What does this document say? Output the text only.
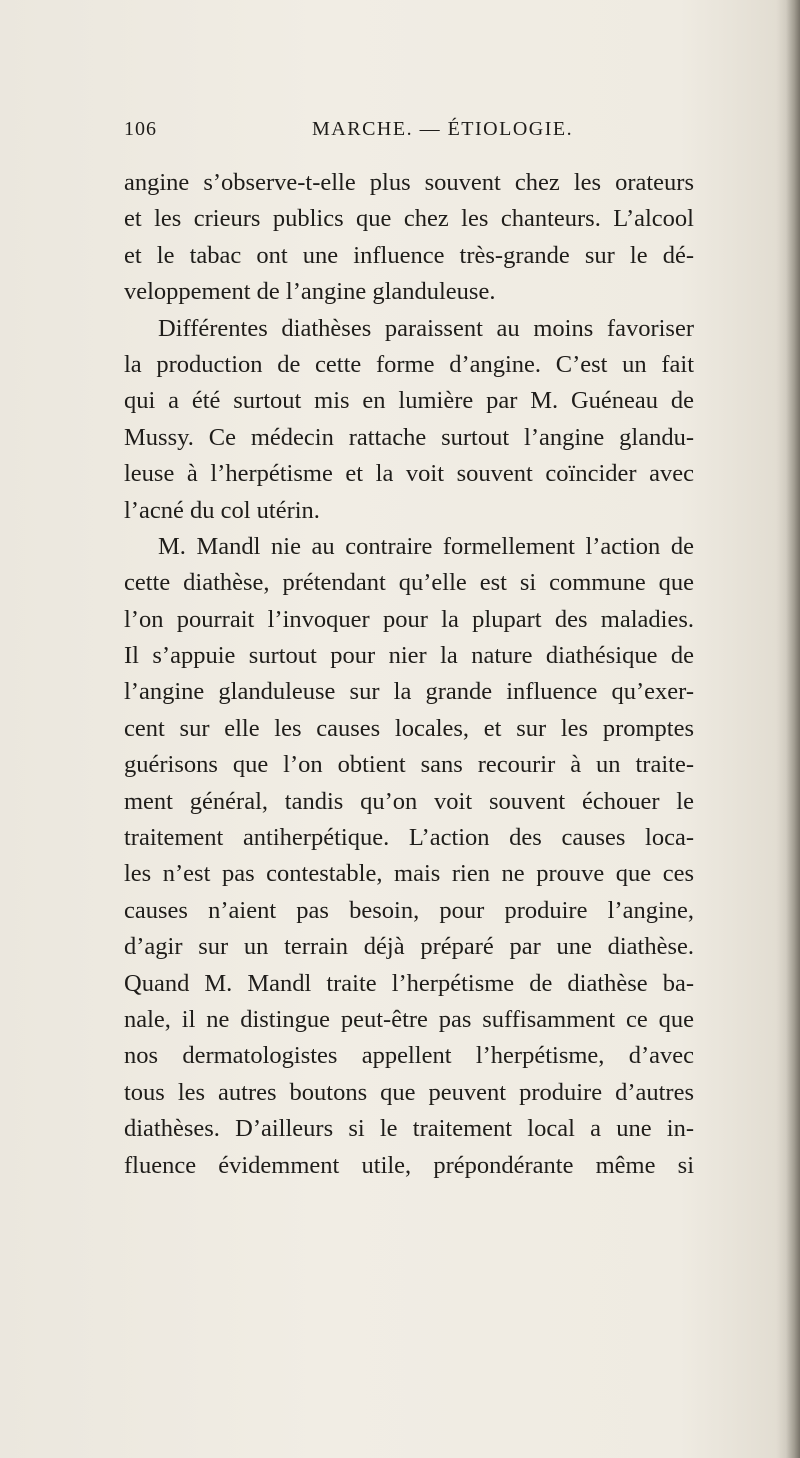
106	MARCHE. — ÉTIOLOGIE.
angine s’observe-t-elle plus souvent chez les orateurs
et les crieurs publics que chez les chanteurs. L’alcool
et le tabac ont une influence très-grande sur le dé-
veloppement de l’angine glanduleuse.
Différentes diathèses paraissent au moins favoriser
la production de cette forme d’angine. C’est un fait
qui a été surtout mis en lumière par M. Guéneau de
Mussy. Ce médecin rattache surtout l’angine glandu-
leuse à l’herpétisme et la voit souvent coïncider avec
l’acné du col utérin.
M. Mandl nie au contraire formellement l’action de
cette diathèse, prétendant qu’elle est si commune que
l’on pourrait l’invoquer pour la plupart des maladies.
Il s’appuie surtout pour nier la nature diathésique de
l’angine glanduleuse sur la grande influence qu’exer-
cent sur elle les causes locales, et sur les promptes
guérisons que l’on obtient sans recourir à un traite-
ment général, tandis qu’on voit souvent échouer le
traitement antiherpétique. L’action des causes loca-
les n’est pas contestable, mais rien ne prouve que ces
causes n’aient pas besoin, pour produire l’angine,
d’agir sur un terrain déjà préparé par une diathèse.
Quand M. Mandl traite l’herpétisme de diathèse ba-
nale, il ne distingue peut-être pas suffisamment ce que
nos dermatologistes appellent l’herpétisme, d’avec
tous les autres boutons que peuvent produire d’autres
diathèses. D’ailleurs si le traitement local a une in-
fluence évidemment utile, prépondérante même si
